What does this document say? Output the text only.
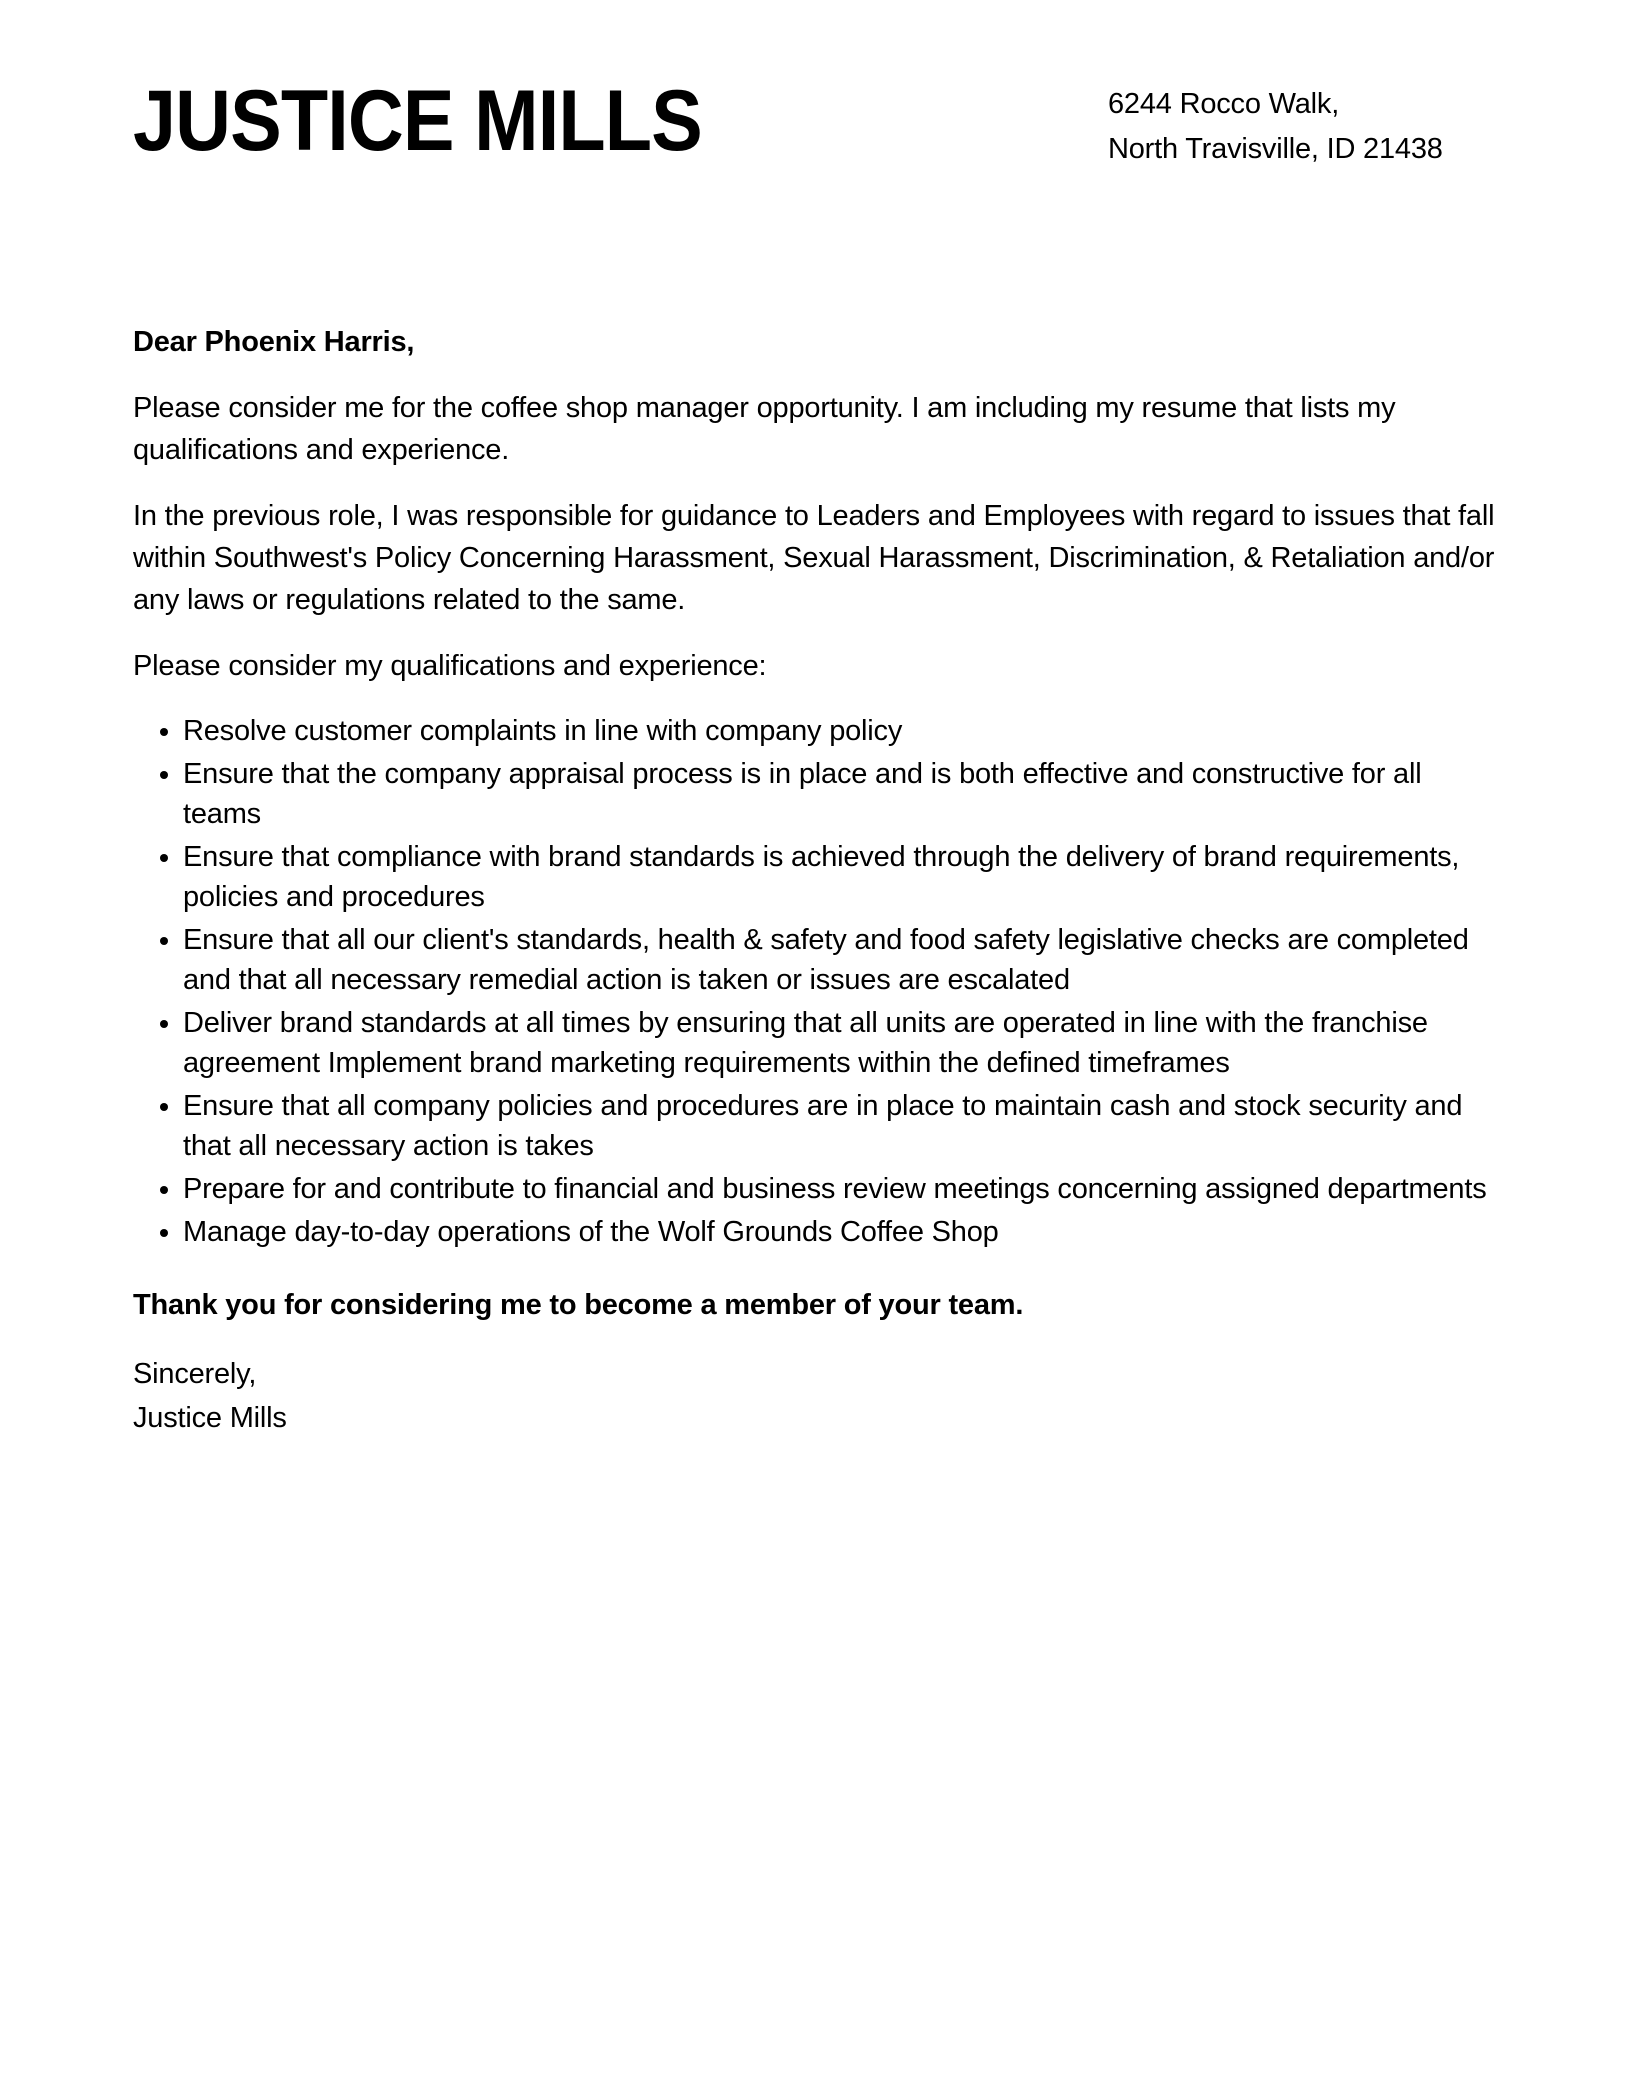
JUSTICE MILLS	6244 Rocco Walk,
North Travisville, ID 21438

Dear Phoenix Harris,

Please consider me for the coffee shop manager opportunity. I am including my resume that lists my qualifications and experience.

In the previous role, I was responsible for guidance to Leaders and Employees with regard to issues that fall within Southwest's Policy Concerning Harassment, Sexual Harassment, Discrimination, & Retaliation and/or any laws or regulations related to the same.

Please consider my qualifications and experience:

• Resolve customer complaints in line with company policy
• Ensure that the company appraisal process is in place and is both effective and constructive for all teams
• Ensure that compliance with brand standards is achieved through the delivery of brand requirements, policies and procedures
• Ensure that all our client's standards, health & safety and food safety legislative checks are completed and that all necessary remedial action is taken or issues are escalated
• Deliver brand standards at all times by ensuring that all units are operated in line with the franchise agreement Implement brand marketing requirements within the defined timeframes
• Ensure that all company policies and procedures are in place to maintain cash and stock security and that all necessary action is takes
• Prepare for and contribute to financial and business review meetings concerning assigned departments
• Manage day-to-day operations of the Wolf Grounds Coffee Shop

Thank you for considering me to become a member of your team.

Sincerely,
Justice Mills
